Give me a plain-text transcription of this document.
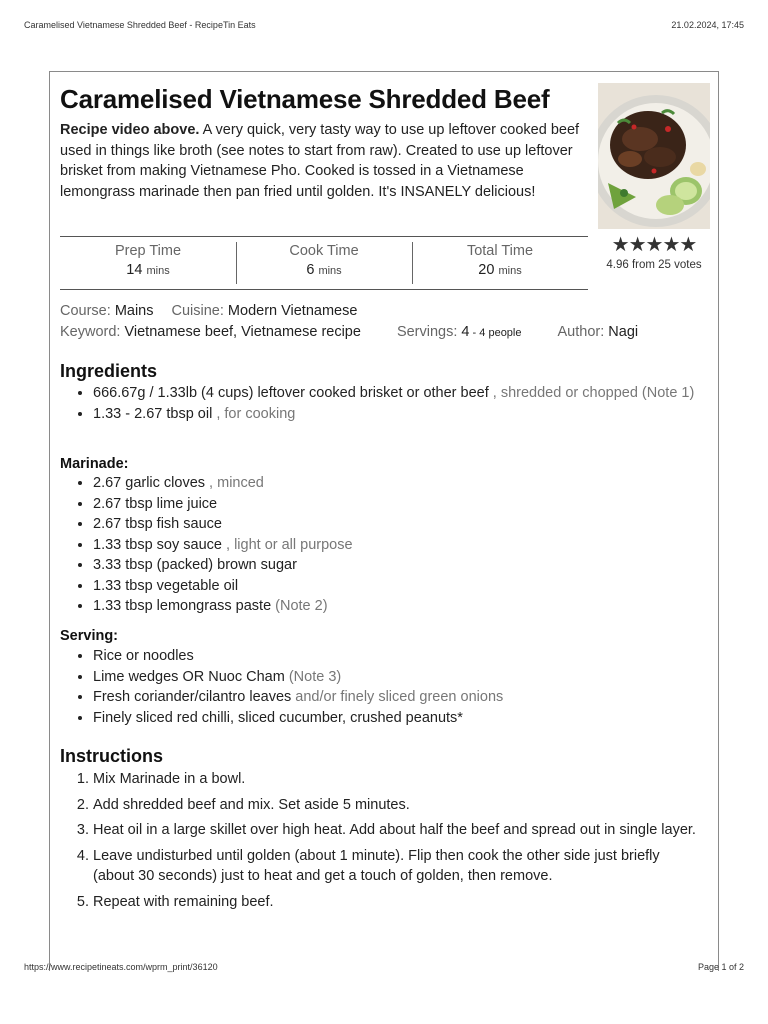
Caramelised Vietnamese Shredded Beef - RecipeTin Eats	21.02.2024, 17:45
Caramelised Vietnamese Shredded Beef
Recipe video above. A very quick, very tasty way to use up leftover cooked beef used in things like broth (see notes to start from raw). Created to use up leftover brisket from making Vietnamese Pho. Cooked is tossed in a Vietnamese lemongrass marinade then pan fried until golden. It's INSANELY delicious!
Prep Time
14 mins
Cook Time
6 mins
Total Time
20 mins
★★★★★
4.96 from 25 votes
Course: Mains Cuisine: Modern Vietnamese
Keyword: Vietnamese beef, Vietnamese recipe Servings: 4 - 4 people Author: Nagi
Ingredients
• 666.67g / 1.33lb (4 cups) leftover cooked brisket or other beef , shredded or chopped (Note 1)
• 1.33 - 2.67 tbsp oil , for cooking
Marinade:
• 2.67 garlic cloves , minced
• 2.67 tbsp lime juice
• 2.67 tbsp fish sauce
• 1.33 tbsp soy sauce , light or all purpose
• 3.33 tbsp (packed) brown sugar
• 1.33 tbsp vegetable oil
• 1.33 tbsp lemongrass paste (Note 2)
Serving:
• Rice or noodles
• Lime wedges OR Nuoc Cham (Note 3)
• Fresh coriander/cilantro leaves and/or finely sliced green onions
• Finely sliced red chilli, sliced cucumber, crushed peanuts*
Instructions
1. Mix Marinade in a bowl.
2. Add shredded beef and mix. Set aside 5 minutes.
3. Heat oil in a large skillet over high heat. Add about half the beef and spread out in single layer.
4. Leave undisturbed until golden (about 1 minute). Flip then cook the other side just briefly (about 30 seconds) just to heat and get a touch of golden, then remove.
5. Repeat with remaining beef.
https://www.recipetineats.com/wprm_print/36120	Page 1 of 2
